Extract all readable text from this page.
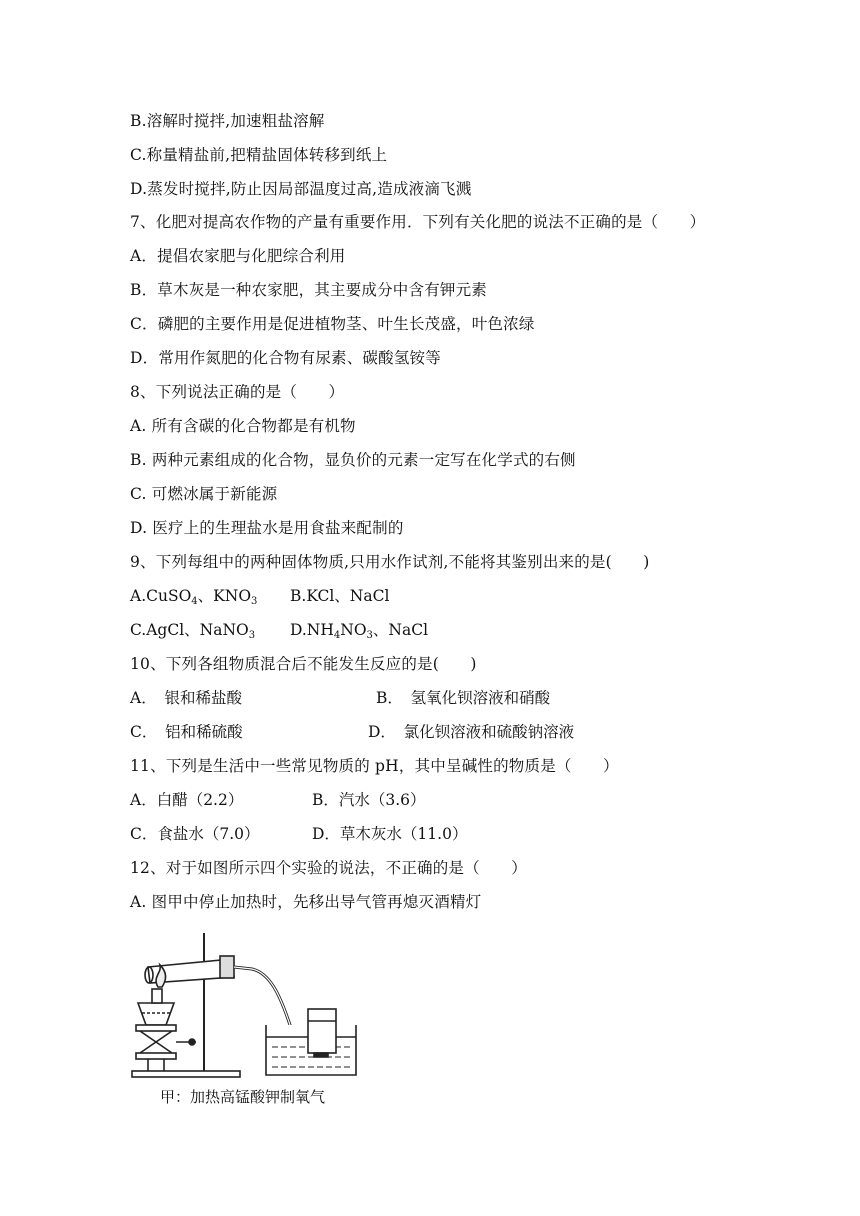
B.溶解时搅拌,加速粗盐溶解
C.称量精盐前,把精盐固体转移到纸上
D.蒸发时搅拌,防止因局部温度过高,造成液滴飞溅
7、化肥对提高农作物的产量有重要作用．下列有关化肥的说法不正确的是（　　）
A．提倡农家肥与化肥综合利用
B．草木灰是一种农家肥，其主要成分中含有钾元素
C．磷肥的主要作用是促进植物茎、叶生长茂盛，叶色浓绿
D．常用作氮肥的化合物有尿素、碳酸氢铵等
8、下列说法正确的是（　　）
A. 所有含碳的化合物都是有机物
B. 两种元素组成的化合物，显负价的元素一定写在化学式的右侧
C. 可燃冰属于新能源
D. 医疗上的生理盐水是用食盐来配制的
9、下列每组中的两种固体物质,只用水作试剂,不能将其鉴别出来的是(　　)
A.CuSO$_4$、$KNO_3$ B.KCl、NaCl
C.AgCl、NaNO$_3$ $D.NH_4NO_3$、NaCl
10、下列各组物质混合后不能发生反应的是(　　)
A．　银和稀盐酸	B．　氢氧化钡溶液和硝酸
C．　铝和稀硫酸	D．　氯化钡溶液和硫酸钠溶液
11、下列是生活中一些常见物质的 pH，其中呈碱性的物质是（　　）
A．白醋（2.2）	B．汽水（3.6）
C．食盐水（7.0）	D．草木灰水（11.0）
12、对于如图所示四个实验的说法，不正确的是（　　）
A. 图甲中停止加热时，先移出导气管再熄灭酒精灯
甲：加热高锰酸钾制氧气
